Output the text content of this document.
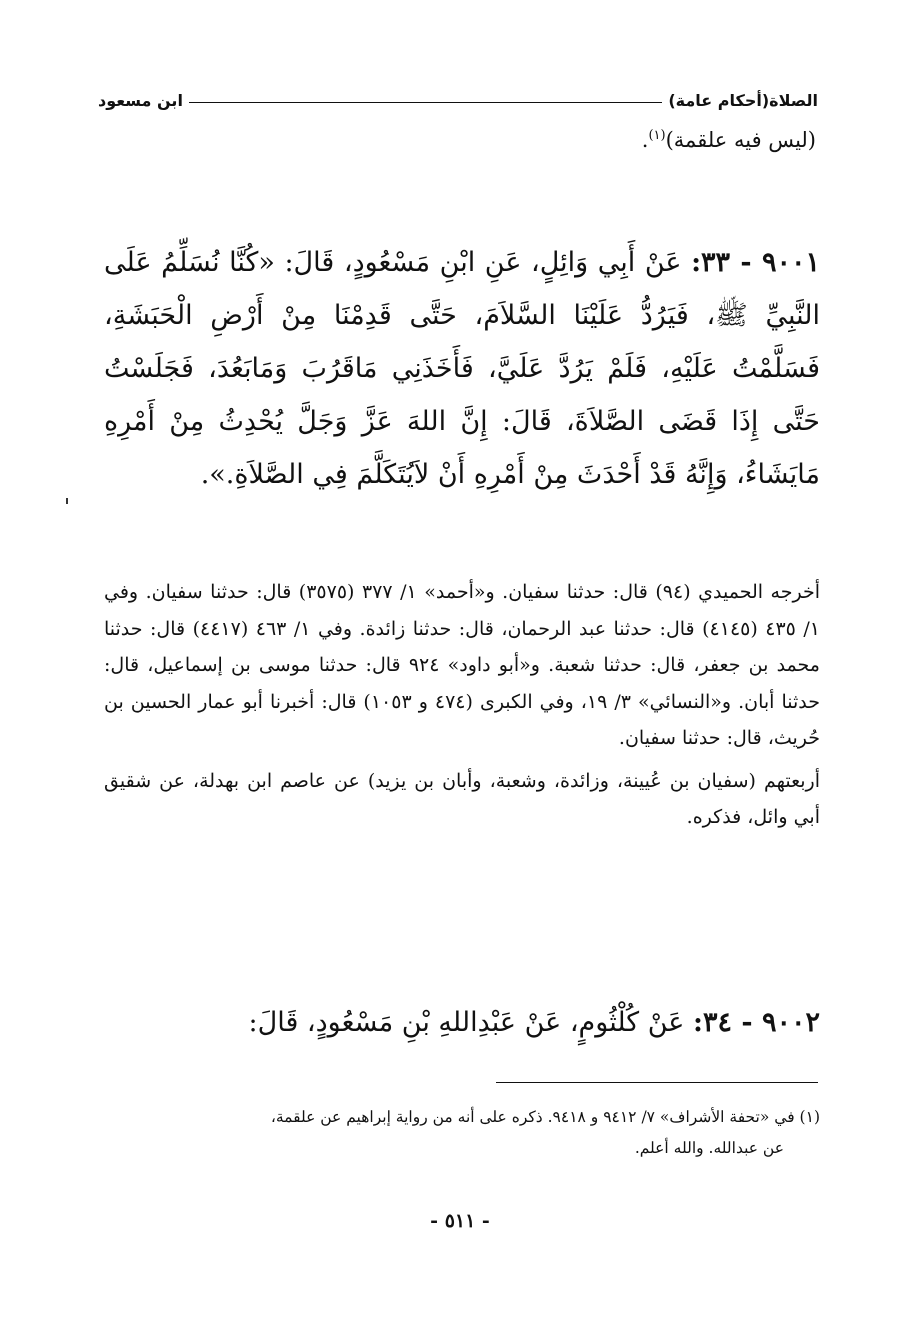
الصلاة(أحكام عامة)
ابن مسعود
(ليس فيه علقمة)$^{(١)}$.
٩٠٠١ - ٣٣: عَنْ أَبِي وَائِلٍ، عَنِ ابْنِ مَسْعُودٍ، قَالَ: «كُنَّا نُسَلِّمُ عَلَى النَّبِيِّ ﷺ، فَيَرُدُّ عَلَيْنَا السَّلاَمَ، حَتَّى قَدِمْنَا مِنْ أَرْضِ الْحَبَشَةِ، فَسَلَّمْتُ عَلَيْهِ، فَلَمْ يَرُدَّ عَلَيَّ، فَأَخَذَنِي مَاقَرُبَ وَمَابَعُدَ، فَجَلَسْتُ حَتَّى إِذَا قَضَى الصَّلاَةَ، قَالَ: إِنَّ اللهَ عَزَّ وَجَلَّ يُحْدِثُ مِنْ أَمْرِهِ مَايَشَاءُ، وَإِنَّهُ قَدْ أَحْدَثَ مِنْ أَمْرِهِ أَنْ لاَيُتَكَلَّمَ فِي الصَّلاَةِ.».

أخرجه الحميدي (٩٤) قال: حدثنا سفيان. و«أحمد» ١/ ٣٧٧ (٣٥٧٥) قال: حدثنا سفيان. وفي ١/ ٤٣٥ (٤١٤٥) قال: حدثنا عبد الرحمان، قال: حدثنا زائدة. وفي ١/ ٤٦٣ (٤٤١٧) قال: حدثنا محمد بن جعفر، قال: حدثنا شعبة. و«أبو داود» ٩٢٤ قال: حدثنا موسى بن إسماعيل، قال: حدثنا أبان. و«النسائي» ٣/ ١٩، وفي الكبرى (٤٧٤ و ١٠٥٣) قال: أخبرنا أبو عمار الحسين بن حُريث، قال: حدثنا سفيان.

أربعتهم (سفيان بن عُيينة، وزائدة، وشعبة، وأبان بن يزيد) عن عاصم ابن بهدلة، عن شقيق أبي وائل، فذكره.

٩٠٠٢ - ٣٤: عَنْ كُلْثُومٍ، عَنْ عَبْدِاللهِ بْنِ مَسْعُودٍ، قَالَ:

(١) في «تحفة الأشراف» ٧/ ٩٤١٢ و ٩٤١٨. ذكره على أنه من رواية إبراهيم عن علقمة،

عن عبدالله. والله أعلم.

- ٥١١ -
